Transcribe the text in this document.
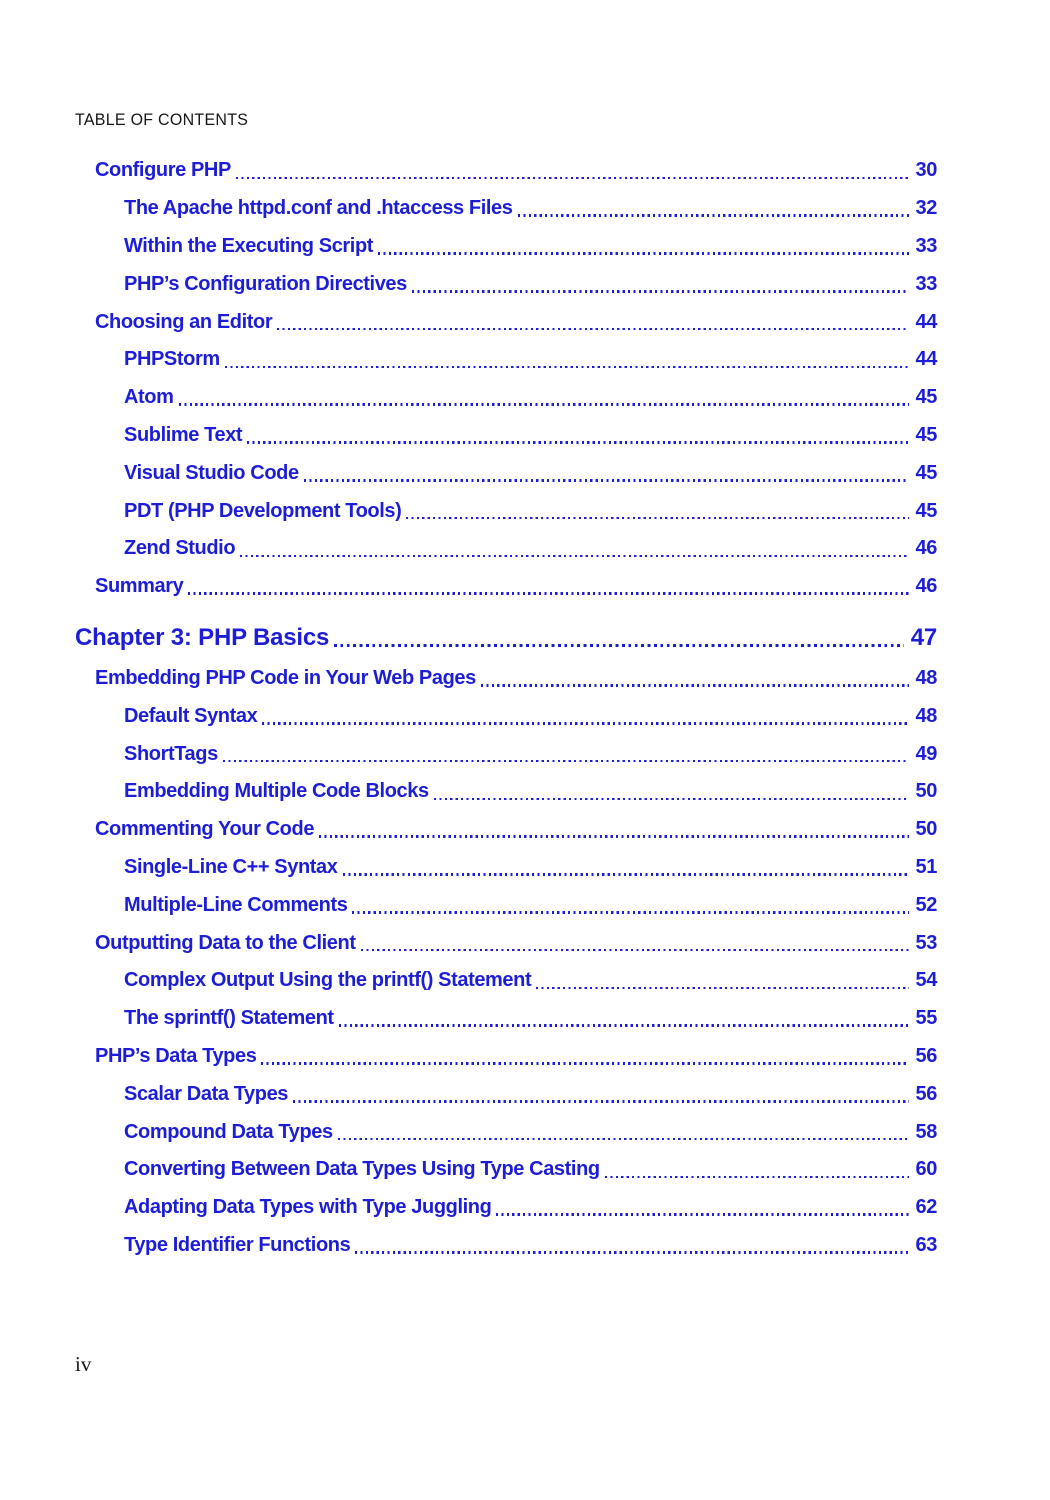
TABLE OF CONTENTS
Configure PHP	30
The Apache httpd.conf and .htaccess Files	32
Within the Executing Script	33
PHP’s Configuration Directives	33
Choosing an Editor	44
PHPStorm	44
Atom	45
Sublime Text	45
Visual Studio Code	45
PDT (PHP Development Tools)	45
Zend Studio	46
Summary	46
Chapter 3: PHP Basics	47
Embedding PHP Code in Your Web Pages	48
Default Syntax	48
ShortTags	49
Embedding Multiple Code Blocks	50
Commenting Your Code	50
Single-Line C++ Syntax	51
Multiple-Line Comments	52
Outputting Data to the Client	53
Complex Output Using the printf() Statement	54
The sprintf() Statement	55
PHP’s Data Types	56
Scalar Data Types	56
Compound Data Types	58
Converting Between Data Types Using Type Casting	60
Adapting Data Types with Type Juggling	62
Type Identifier Functions	63
iv
